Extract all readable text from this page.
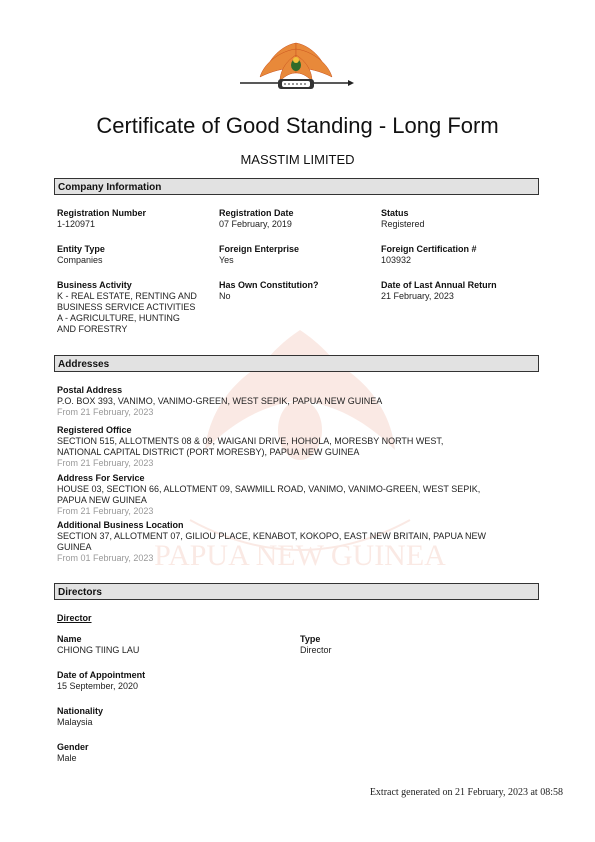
PAPUA NEW GUINEA
Certificate of Good Standing - Long Form
MASSTIM LIMITED
Company Information
Registration Number
1-120971
Registration Date
07 February, 2019
Status
Registered
Entity Type
Companies
Foreign Enterprise
Yes
Foreign Certification #
103932
Business Activity
K - REAL ESTATE, RENTING AND
BUSINESS SERVICE ACTIVITIES
A - AGRICULTURE, HUNTING
AND FORESTRY
Has Own Constitution?
No
Date of Last Annual Return
21 February, 2023
Addresses
Postal Address
P.O. BOX 393, VANIMO, VANIMO-GREEN, WEST SEPIK, PAPUA NEW GUINEA
From 21 February, 2023
Registered Office
SECTION 515, ALLOTMENTS 08 & 09, WAIGANI DRIVE, HOHOLA, MORESBY NORTH WEST,
NATIONAL CAPITAL DISTRICT (PORT MORESBY), PAPUA NEW GUINEA
From 21 February, 2023
Address For Service
HOUSE 03, SECTION 66, ALLOTMENT 09, SAWMILL ROAD, VANIMO, VANIMO-GREEN, WEST SEPIK,
PAPUA NEW GUINEA
From 21 February, 2023
Additional Business Location
SECTION 37, ALLOTMENT 07, GILIOU PLACE, KENABOT, KOKOPO, EAST NEW BRITAIN, PAPUA NEW
GUINEA
From 01 February, 2023
Directors
Director
Name
CHIONG TIING LAU
Type
Director
Date of Appointment
15 September, 2020
Nationality
Malaysia
Gender
Male
Extract generated on 21 February, 2023 at 08:58
